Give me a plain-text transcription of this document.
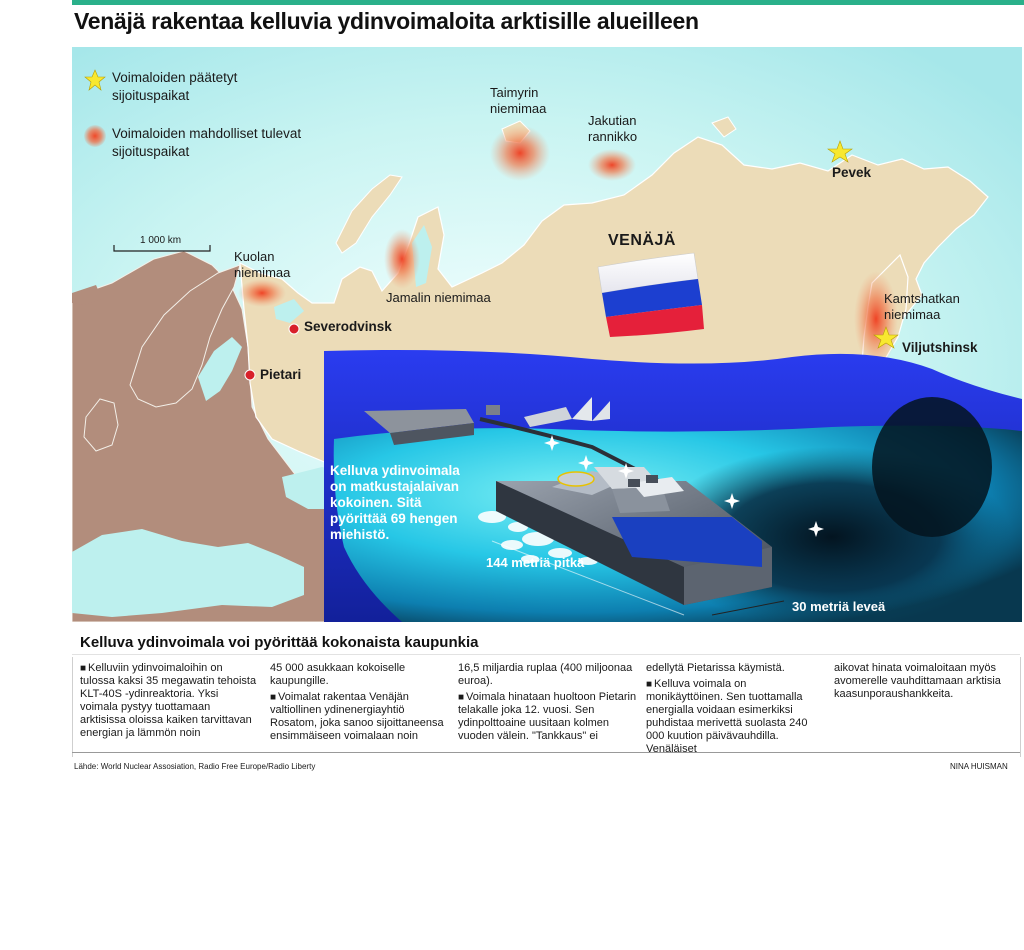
Venäjä rakentaa kelluvia ydinvoimaloita arktisille alueilleen
Voimaloiden päätetyt sijoituspaikat
Voimaloiden mahdolliset tulevat sijoituspaikat
1 000 km
Taimyrin niemimaa
Jakutian rannikko
Kuolan niemimaa
Jamalin niemimaa	Kamtshatkan niemimaa
VENÄJÄ
Severodvinsk
Pietari
Pevek
Viljutshinsk
Kelluva ydinvoimala on matkustajalaivan kokoinen. Sitä pyörittää 69 hengen miehistö.
144 metriä pitkä
30 metriä leveä
Kelluva ydinvoimala voi pyörittää kokonaista kaupunkia

■ Kelluviin ydinvoimaloihin on tulossa kaksi 35 megawatin tehoista KLT-40S -ydinreaktoria. Yksi voimala pystyy tuottamaan arktisissa oloissa kaiken tarvittavan energian ja lämmön noin

45 000 asukkaan kokoiselle kaupungille.

■ Voimalat rakentaa Venäjän valtiollinen ydinenergiayhtiö Rosatom, joka sanoo sijoittaneensa ensimmäiseen voimalaan noin

16,5 miljardia ruplaa (400 miljoonaa euroa).

■ Voimala hinataan huoltoon Pietarin telakalle joka 12. vuosi. Sen ydinpolttoaine uusitaan kolmen vuoden välein. "Tankkaus" ei

edellytä Pietarissa käymistä.

■ Kelluva voimala on monikäyttöinen. Sen tuottamalla energialla voidaan esimerkiksi puhdistaa merivettä suolasta 240 000 kuution päivävauhdilla. Venäläiset

aikovat hinata voimaloitaan myös avomerelle vauhdittamaan arktisia kaasunporaushankkeita.

Lähde: World Nuclear Assosiation, Radio Free Europe/Radio Liberty	NINA HUISMAN
